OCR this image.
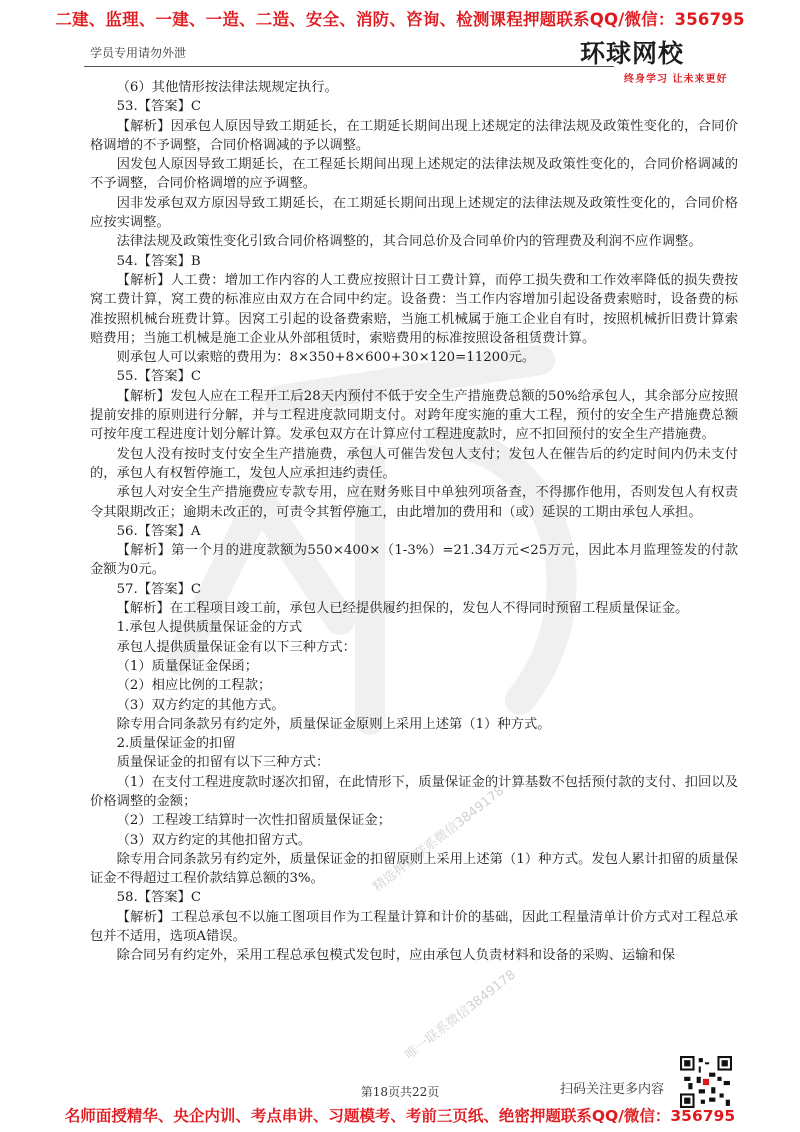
二建、监理、一建、一造、二造、安全、消防、咨询、检测课程押题联系QQ/微信：356795
学员专用请勿外泄	环球网校
终身学习 让未来更好

（6）其他情形按法律法规规定执行。

53.【答案】C

【解析】因承包人原因导致工期延长，在工期延长期间出现上述规定的法律法规及政策性变化的，合同价格调增的不予调整，合同价格调减的予以调整。

因发包人原因导致工期延长，在工程延长期间出现上述规定的法律法规及政策性变化的，合同价格调减的不予调整，合同价格调增的应予调整。

因非发承包双方原因导致工期延长，在工期延长期间出现上述规定的法律法规及政策性变化的，合同价格应按实调整。

法律法规及政策性变化引致合同价格调整的，其合同总价及合同单价内的管理费及利润不应作调整。

54.【答案】B

【解析】人工费：增加工作内容的人工费应按照计日工费计算，而停工损失费和工作效率降低的损失费按窝工费计算，窝工费的标准应由双方在合同中约定。设备费：当工作内容增加引起设备费索赔时，设备费的标准按照机械台班费计算。因窝工引起的设备费索赔，当施工机械属于施工企业自有时，按照机械折旧费计算索赔费用；当施工机械是施工企业从外部租赁时，索赔费用的标准按照设备租赁费计算。

则承包人可以索赔的费用为：8×350+8×600+30×120=11200元。

55.【答案】C

【解析】发包人应在工程开工后28天内预付不低于安全生产措施费总额的50%给承包人，其余部分应按照提前安排的原则进行分解，并与工程进度款同期支付。对跨年度实施的重大工程，预付的安全生产措施费总额可按年度工程进度计划分解计算。发承包双方在计算应付工程进度款时，应不扣回预付的安全生产措施费。

发包人没有按时支付安全生产措施费，承包人可催告发包人支付；发包人在催告后的约定时间内仍未支付的，承包人有权暂停施工，发包人应承担违约责任。

承包人对安全生产措施费应专款专用，应在财务账目中单独列项备查，不得挪作他用，否则发包人有权责令其限期改正；逾期未改正的，可责令其暂停施工，由此增加的费用和（或）延误的工期由承包人承担。

56.【答案】A

【解析】第一个月的进度款额为550×400×（1-3%）=21.34万元<25万元，因此本月监理签发的付款金额为0元。

57.【答案】C

【解析】在工程项目竣工前，承包人已经提供履约担保的，发包人不得同时预留工程质量保证金。

1.承包人提供质量保证金的方式

承包人提供质量保证金有以下三种方式：

（1）质量保证金保函；

（2）相应比例的工程款；

（3）双方约定的其他方式。

除专用合同条款另有约定外，质量保证金原则上采用上述第（1）种方式。

2.质量保证金的扣留

质量保证金的扣留有以下三种方式：

（1）在支付工程进度款时逐次扣留，在此情形下，质量保证金的计算基数不包括预付款的支付、扣回以及价格调整的金额；

（2）工程竣工结算时一次性扣留质量保证金；

（3）双方约定的其他扣留方式。

除专用合同条款另有约定外，质量保证金的扣留原则上采用上述第（1）种方式。发包人累计扣留的质量保证金不得超过工程价款结算总额的3%。

58.【答案】C

【解析】工程总承包不以施工图项目作为工程量计算和计价的基础，因此工程量清单计价方式对工程总承包并不适用，选项A错误。

除合同另有约定外，采用工程总承包模式发包时，应由承包人负责材料和设备的采购、运输和保

精选押题联系微信3849178
唯一联系微信3849178
扫码关注更多内容
第18页共22页
名师面授精华、央企内训、考点串讲、习题模考、考前三页纸、绝密押题联系QQ/微信：356795
